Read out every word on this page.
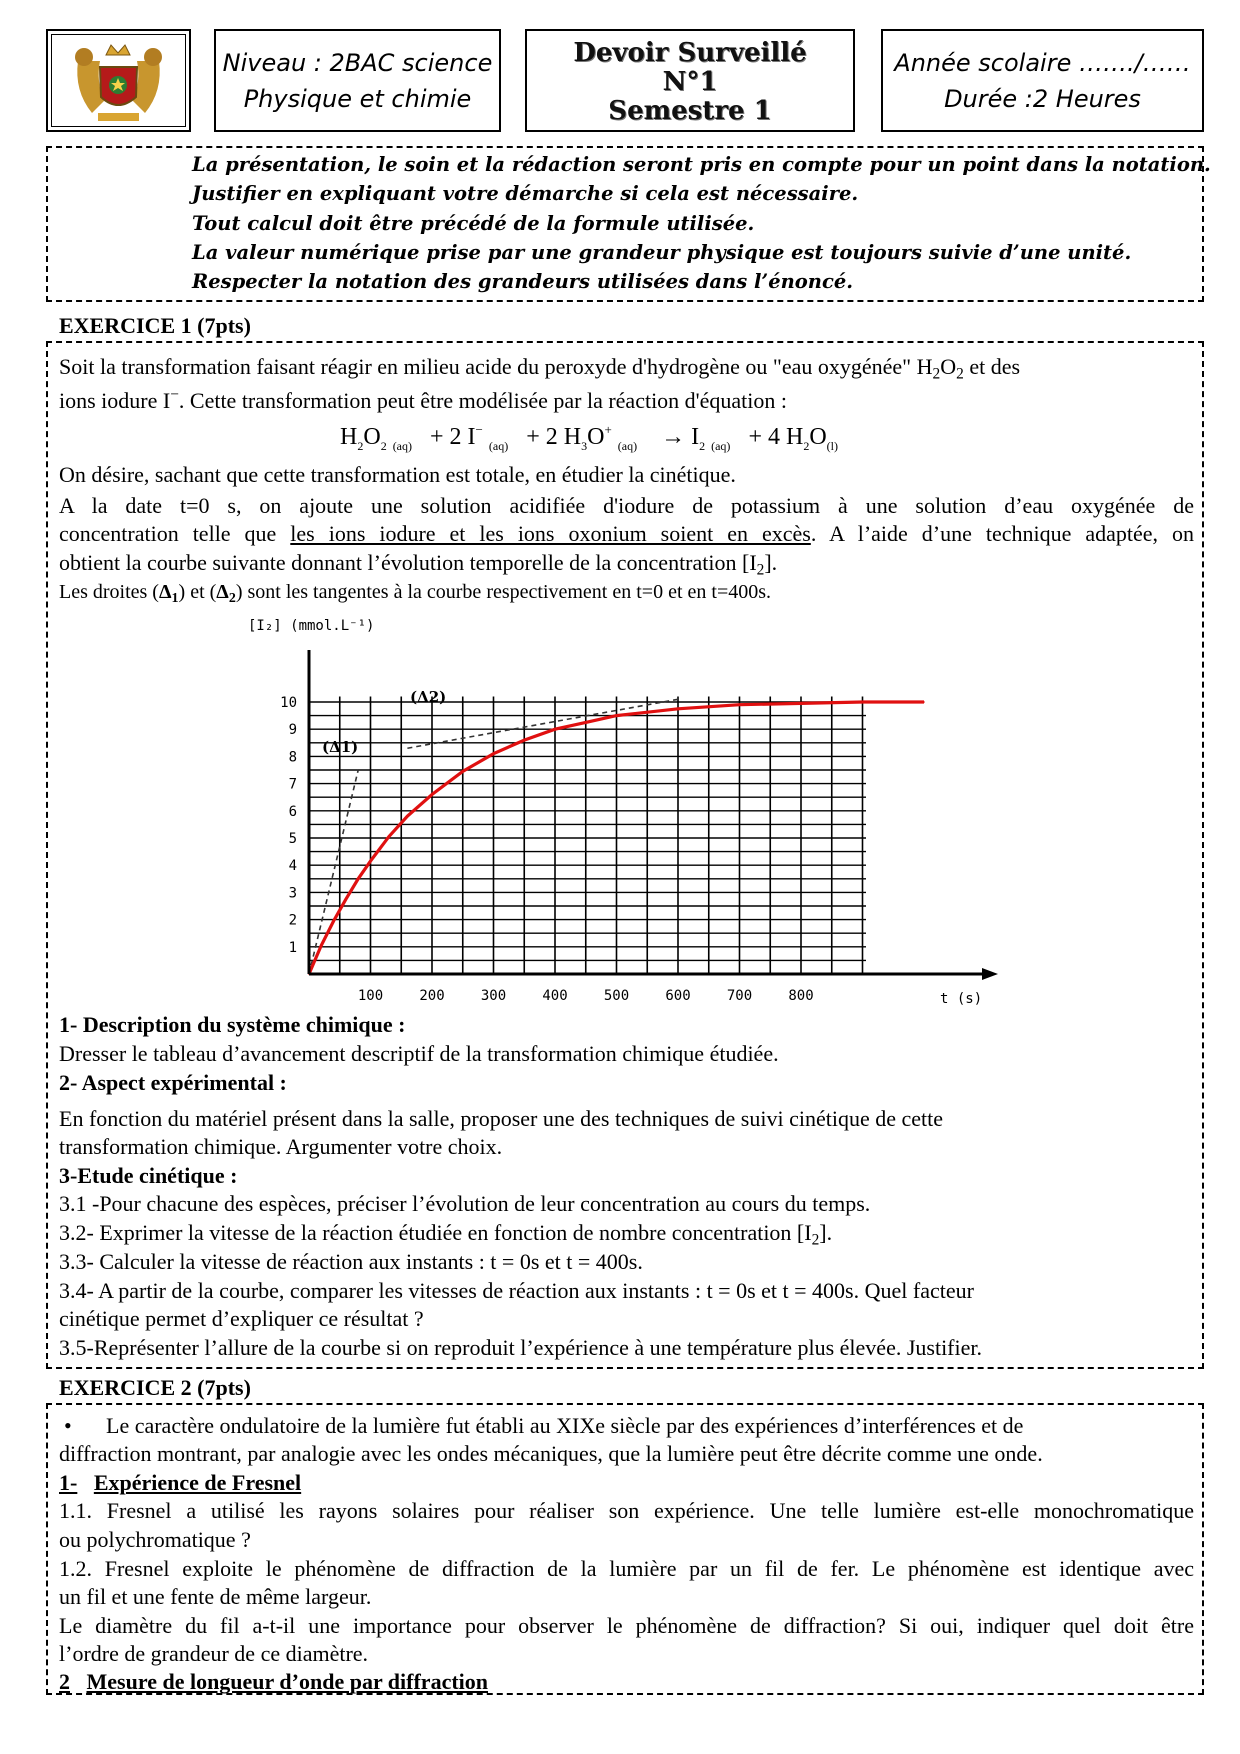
Niveau : 2BAC science
Physique et chimie
Devoir Surveillé
N°1
Semestre 1
Année scolaire ……./……
Durée :2 Heures
La présentation, le soin et la rédaction seront pris en compte pour un point dans la notation.
Justifier en expliquant votre démarche si cela est nécessaire.
Tout calcul doit être précédé de la formule utilisée.
La valeur numérique prise par une grandeur physique est toujours suivie d’une unité.
Respecter la notation des grandeurs utilisées dans l’énoncé.
EXERCICE 1 (7pts)
Soit la transformation faisant réagir en milieu acide du peroxyde d'hydrogène ou "eau oxygénée" $H_2O_2$ et des
ions iodure I−. Cette transformation peut être modélisée par la réaction d'équation :
$H_2O_2$ $_{(aq)}$ + 2 I− $_{(aq)}$ + 2 $H_3O^+$ $_{(aq)} \to I_2$ $_{(aq)}$ + 4 $H_2O_{(l)}$
On désire, sachant que cette transformation est totale, en étudier la cinétique.
A la date t=0 s, on ajoute une solution acidifiée d'iodure de potassium à une solution d’eau oxygénée de
concentration telle que les ions iodure et les ions oxonium soient en excès. A l’aide d’une technique adaptée, on
obtient la courbe suivante donnant l’évolution temporelle de la concentration $[I_2]$.
Les droites $(\Delta_1)$ et $(\Delta_2)$ sont les tangentes à la courbe respectivement en t=0 et en t=400s.
1
2
3
4
5
6
7
8
9
10
100	200	300	400	500	600	700	800
[I₂] (mmol.L⁻¹)
t (s)
(Δ1)
(Δ2)
1- Description du système chimique :
Dresser le tableau d’avancement descriptif de la transformation chimique étudiée.
2- Aspect expérimental :
En fonction du matériel présent dans la salle, proposer une des techniques de suivi cinétique de cette
transformation chimique. Argumenter votre choix.
3-Etude cinétique :
3.1 -Pour chacune des espèces, préciser l’évolution de leur concentration au cours du temps.
3.2- Exprimer la vitesse de la réaction étudiée en fonction de nombre concentration $[I_2]$.
3.3- Calculer la vitesse de réaction aux instants : t = 0s et t = 400s.
3.4- A partir de la courbe, comparer les vitesses de réaction aux instants : t = 0s et t = 400s. Quel facteur
cinétique permet d’expliquer ce résultat ?
3.5-Représenter l’allure de la courbe si on reproduit l’expérience à une température plus élevée. Justifier.
EXERCICE 2 (7pts)
• Le caractère ondulatoire de la lumière fut établi au XIXe siècle par des expériences d’interférences et de
diffraction montrant, par analogie avec les ondes mécaniques, que la lumière peut être décrite comme une onde.
1- Expérience de Fresnel
1.1. Fresnel a utilisé les rayons solaires pour réaliser son expérience. Une telle lumière est-elle monochromatique
ou polychromatique ?
1.2. Fresnel exploite le phénomène de diffraction de la lumière par un fil de fer. Le phénomène est identique avec
un fil et une fente de même largeur.
Le diamètre du fil a-t-il une importance pour observer le phénomène de diffraction? Si oui, indiquer quel doit être
l’ordre de grandeur de ce diamètre.
2 Mesure de longueur d’onde par diffraction
